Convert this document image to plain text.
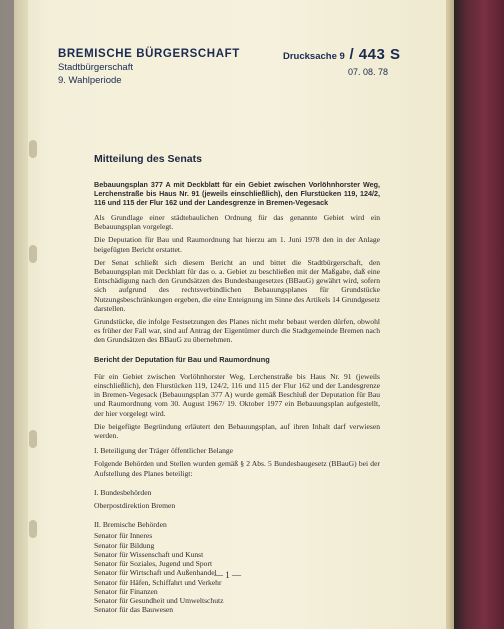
BREMISCHE BÜRGERSCHAFT
Stadtbürgerschaft
9. Wahlperiode
Drucksache 9 / 443 S
07. 08. 78
Mitteilung des Senats

Bebauungsplan 377 A mit Deckblatt für ein Gebiet zwischen Vorlöhnhorster Weg, Lerchenstraße bis Haus Nr. 91 (jeweils einschließlich), den Flurstücken 119, 124/2, 116 und 115 der Flur 162 und der Landesgrenze in Bremen-Vegesack

Als Grundlage einer städtebaulichen Ordnung für das genannte Gebiet wird ein Bebauungsplan vorgelegt.

Die Deputation für Bau und Raumordnung hat hierzu am 1. Juni 1978 den in der Anlage beigefügten Bericht erstattet.

Der Senat schließt sich diesem Bericht an und bittet die Stadtbürgerschaft, den Bebauungsplan mit Deckblatt für das o. a. Gebiet zu beschließen mit der Maßgabe, daß eine Entschädigung nach den Grundsätzen des Bundesbaugesetzes (BBauG) gewährt wird, sofern sich aufgrund des rechtsverbindlichen Bebauungsplanes für Grundstücke Nutzungsbeschränkungen ergeben, die eine Enteignung im Sinne des Artikels 14 Grundgesetz darstellen.

Grundstücke, die infolge Festsetzungen des Planes nicht mehr bebaut werden dürfen, obwohl es früher der Fall war, sind auf Antrag der Eigentümer durch die Stadtgemeinde Bremen nach den Grundsätzen des BBauG zu übernehmen.

Bericht der Deputation für Bau und Raumordnung

Für ein Gebiet zwischen Vorlöhnhorster Weg, Lerchenstraße bis Haus Nr. 91 (jeweils einschließlich), den Flurstücken 119, 124/2, 116 und 115 der Flur 162 und der Landesgrenze in Bremen-Vegesack (Bebauungsplan 377 A) wurde gemäß Beschluß der Deputation für Bau und Raumordnung vom 30. August 1967/ 19. Oktober 1977 ein Bebauungsplan aufgestellt, der hier vorgelegt wird.

Die beigefügte Begründung erläutert den Bebauungsplan, auf ihren Inhalt darf verwiesen werden.

I. Beteiligung der Träger öffentlicher Belange

Folgende Behörden und Stellen wurden gemäß § 2 Abs. 5 Bundesbaugesetz (BBauG) bei der Aufstellung des Planes beteiligt:

I. Bundesbehörden

Oberpostdirektion Bremen

II. Bremische Behörden

Senator für Inneres
Senator für Bildung
Senator für Wissenschaft und Kunst
Senator für Soziales, Jugend und Sport
Senator für Wirtschaft und Außenhandel
Senator für Häfen, Schiffahrt und Verkehr
Senator für Finanzen
Senator für Gesundheit und Umweltschutz
Senator für das Bauwesen
— 1 —
